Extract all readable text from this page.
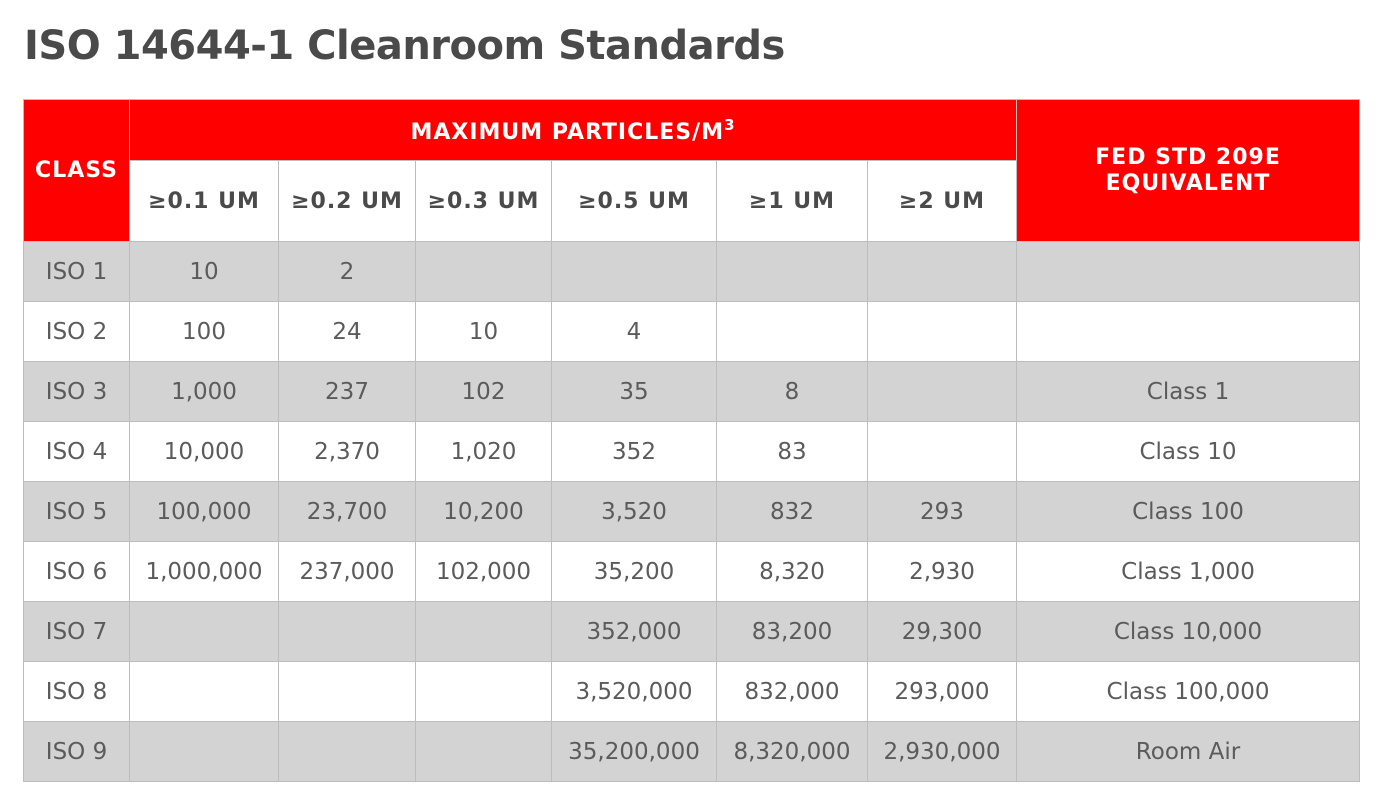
ISO 14644-1 Cleanroom Standards
CLASS	MAXIMUM PARTICLES/$M^3$						FED STD 209E
EQUIVALENT
	≥0.1 UM	≥0.2 UM	≥0.3 UM	≥0.5 UM	≥1 UM	≥2 UM	
ISO 1	10	2					
ISO 2	100	24	10	4			
ISO 3	1,000	237	102	35	8		Class 1
ISO 4	10,000	2,370	1,020	352	83		Class 10
ISO 5	100,000	23,700	10,200	3,520	832	293	Class 100
ISO 6	1,000,000	237,000	102,000	35,200	8,320	2,930	Class 1,000
ISO 7				352,000	83,200	29,300	Class 10,000
ISO 8				3,520,000	832,000	293,000	Class 100,000
ISO 9				35,200,000	8,320,000	2,930,000	Room Air
